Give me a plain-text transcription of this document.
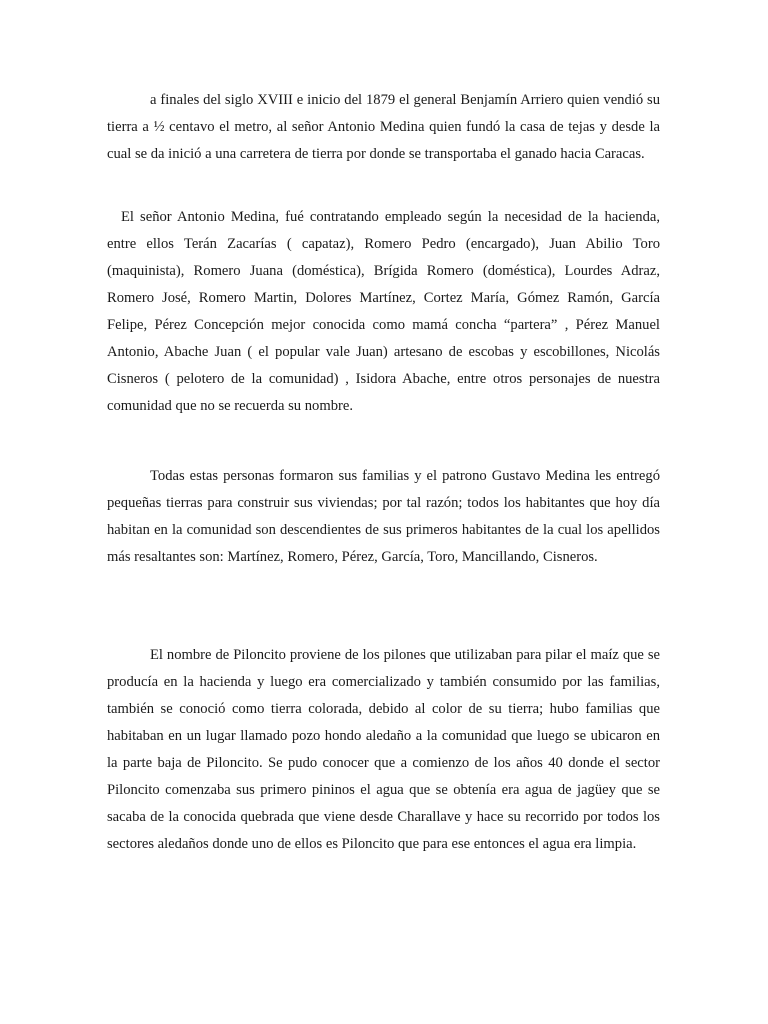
a finales del siglo XVIII e inicio del 1879 el general Benjamín Arriero quien vendió su tierra a ½ centavo el metro, al señor Antonio Medina quien fundó la casa de tejas y desde la cual se da inició a una carretera de tierra por donde se transportaba el ganado hacia Caracas.

El señor Antonio Medina, fué contratando empleado según la necesidad de la hacienda, entre ellos Terán Zacarías ( capataz), Romero Pedro (encargado), Juan Abilio Toro (maquinista), Romero Juana (doméstica), Brígida Romero (doméstica), Lourdes Adraz, Romero José, Romero Martin, Dolores Martínez, Cortez María, Gómez Ramón, García Felipe, Pérez Concepción mejor conocida como mamá concha “partera” , Pérez Manuel Antonio, Abache Juan ( el popular vale Juan) artesano de escobas y escobillones, Nicolás Cisneros ( pelotero de la comunidad) , Isidora Abache, entre otros personajes de nuestra comunidad que no se recuerda su nombre.

Todas estas personas formaron sus familias y el patrono Gustavo Medina les entregó pequeñas tierras para construir sus viviendas; por tal razón; todos los habitantes que hoy día habitan en la comunidad son descendientes de sus primeros habitantes de la cual los apellidos más resaltantes son: Martínez, Romero, Pérez, García, Toro, Mancillando, Cisneros.

El nombre de Piloncito proviene de los pilones que utilizaban para pilar el maíz que se producía en la hacienda y luego era comercializado y también consumido por las familias, también se conoció como tierra colorada, debido al color de su tierra; hubo familias que habitaban en un lugar llamado pozo hondo aledaño a la comunidad que luego se ubicaron en la parte baja de Piloncito. Se pudo conocer que a comienzo de los años 40 donde el sector Piloncito comenzaba sus primero pininos el agua que se obtenía era agua de jagüey que se sacaba de la conocida quebrada que viene desde Charallave y hace su recorrido por todos los sectores aledaños donde uno de ellos es Piloncito que para ese entonces el agua era limpia.
